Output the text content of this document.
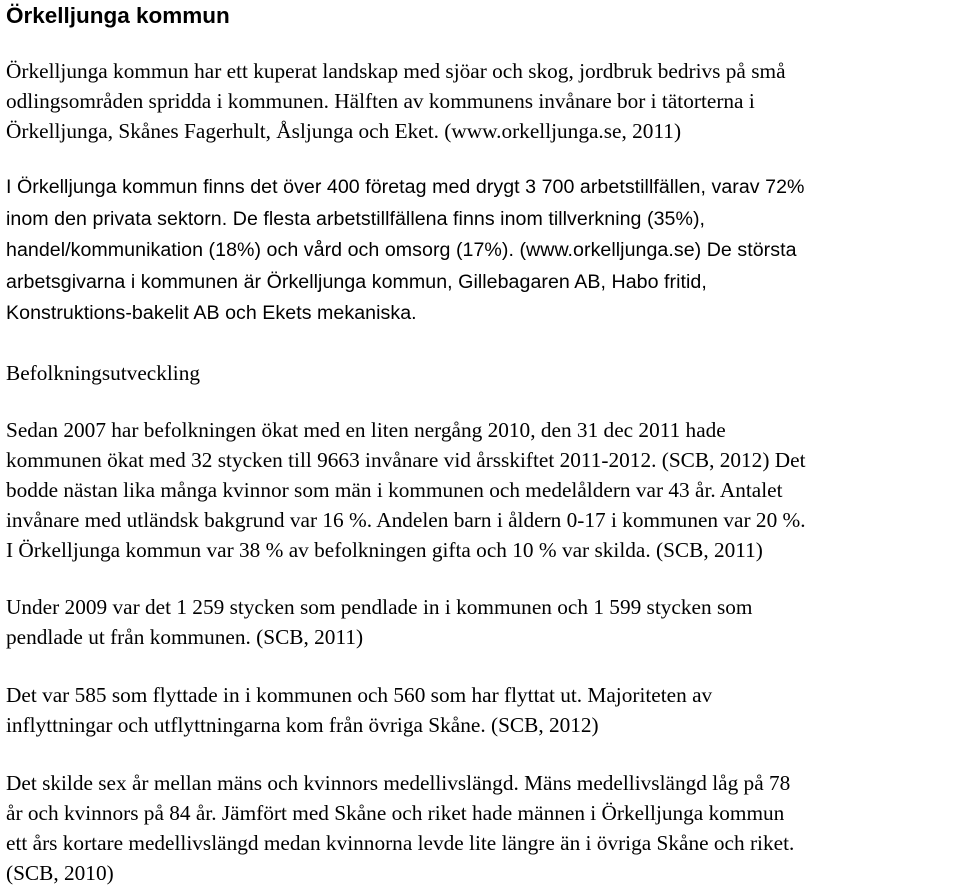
Örkelljunga kommun

Örkelljunga kommun har ett kuperat landskap med sjöar och skog, jordbruk bedrivs på små
odlingsområden spridda i kommunen. Hälften av kommunens invånare bor i tätorterna i
Örkelljunga, Skånes Fagerhult, Åsljunga och Eket. (www.orkelljunga.se, 2011)

I Örkelljunga kommun finns det över 400 företag med drygt 3 700 arbetstillfällen, varav 72%
inom den privata sektorn. De flesta arbetstillfällena finns inom tillverkning (35%),
handel/kommunikation (18%) och vård och omsorg (17%). (www.orkelljunga.se) De största
arbetsgivarna i kommunen är Örkelljunga kommun, Gillebagaren AB, Habo fritid,
Konstruktions-bakelit AB och Ekets mekaniska.

Befolkningsutveckling

Sedan 2007 har befolkningen ökat med en liten nergång 2010, den 31 dec 2011 hade
kommunen ökat med 32 stycken till 9663 invånare vid årsskiftet 2011-2012. (SCB, 2012) Det
bodde nästan lika många kvinnor som män i kommunen och medelåldern var 43 år. Antalet
invånare med utländsk bakgrund var 16 %. Andelen barn i åldern 0-17 i kommunen var 20 %.
I Örkelljunga kommun var 38 % av befolkningen gifta och 10 % var skilda. (SCB, 2011)

Under 2009 var det 1 259 stycken som pendlade in i kommunen och 1 599 stycken som
pendlade ut från kommunen. (SCB, 2011)

Det var 585 som flyttade in i kommunen och 560 som har flyttat ut. Majoriteten av
inflyttningar och utflyttningarna kom från övriga Skåne. (SCB, 2012)

Det skilde sex år mellan mäns och kvinnors medellivslängd. Mäns medellivslängd låg på 78
år och kvinnors på 84 år. Jämfört med Skåne och riket hade männen i Örkelljunga kommun
ett års kortare medellivslängd medan kvinnorna levde lite längre än i övriga Skåne och riket.
(SCB, 2010)
